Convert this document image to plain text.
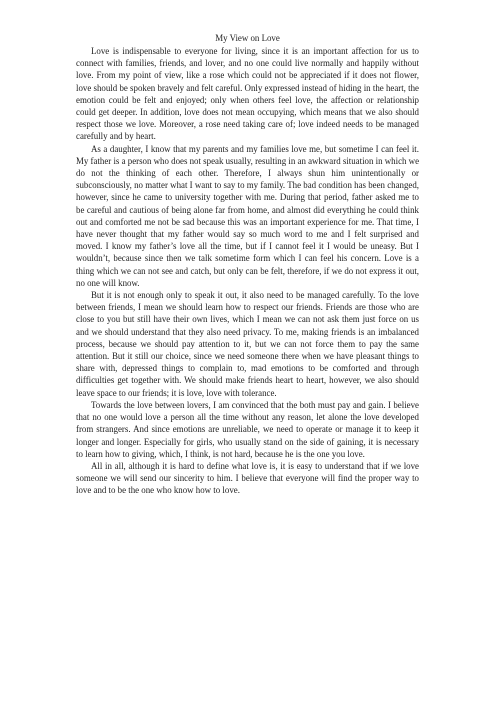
My View on Love

Love is indispensable to everyone for living, since it is an important affection for us to connect with families, friends, and lover, and no one could live normally and happily without love. From my point of view, like a rose which could not be appreciated if it does not flower, love should be spoken bravely and felt careful. Only expressed instead of hiding in the heart, the emotion could be felt and enjoyed; only when others feel love, the affection or relationship could get deeper. In addition, love does not mean occupying, which means that we also should respect those we love. Moreover, a rose need taking care of; love indeed needs to be managed carefully and by heart.

As a daughter, I know that my parents and my families love me, but sometime I can feel it. My father is a person who does not speak usually, resulting in an awkward situation in which we do not the thinking of each other. Therefore, I always shun him unintentionally or subconsciously, no matter what I want to say to my family. The bad condition has been changed, however, since he came to university together with me. During that period, father asked me to be careful and cautious of being alone far from home, and almost did everything he could think out and comforted me not be sad because this was an important experience for me. That time, I have never thought that my father would say so much word to me and I felt surprised and moved. I know my father’s love all the time, but if I cannot feel it I would be uneasy. But I wouldn’t, because since then we talk sometime form which I can feel his concern. Love is a thing which we can not see and catch, but only can be felt, therefore, if we do not express it out, no one will know.

But it is not enough only to speak it out, it also need to be managed carefully. To the love between friends, I mean we should learn how to respect our friends. Friends are those who are close to you but still have their own lives, which I mean we can not ask them just force on us and we should understand that they also need privacy. To me, making friends is an imbalanced process, because we should pay attention to it, but we can not force them to pay the same attention. But it still our choice, since we need someone there when we have pleasant things to share with, depressed things to complain to, mad emotions to be comforted and through difficulties get together with. We should make friends heart to heart, however, we also should leave space to our friends; it is love, love with tolerance.

Towards the love between lovers, I am convinced that the both must pay and gain. I believe that no one would love a person all the time without any reason, let alone the love developed from strangers. And since emotions are unreliable, we need to operate or manage it to keep it longer and longer. Especially for girls, who usually stand on the side of gaining, it is necessary to learn how to giving, which, I think, is not hard, because he is the one you love.

All in all, although it is hard to define what love is, it is easy to understand that if we love someone we will send our sincerity to him. I believe that everyone will find the proper way to love and to be the one who know how to love.
